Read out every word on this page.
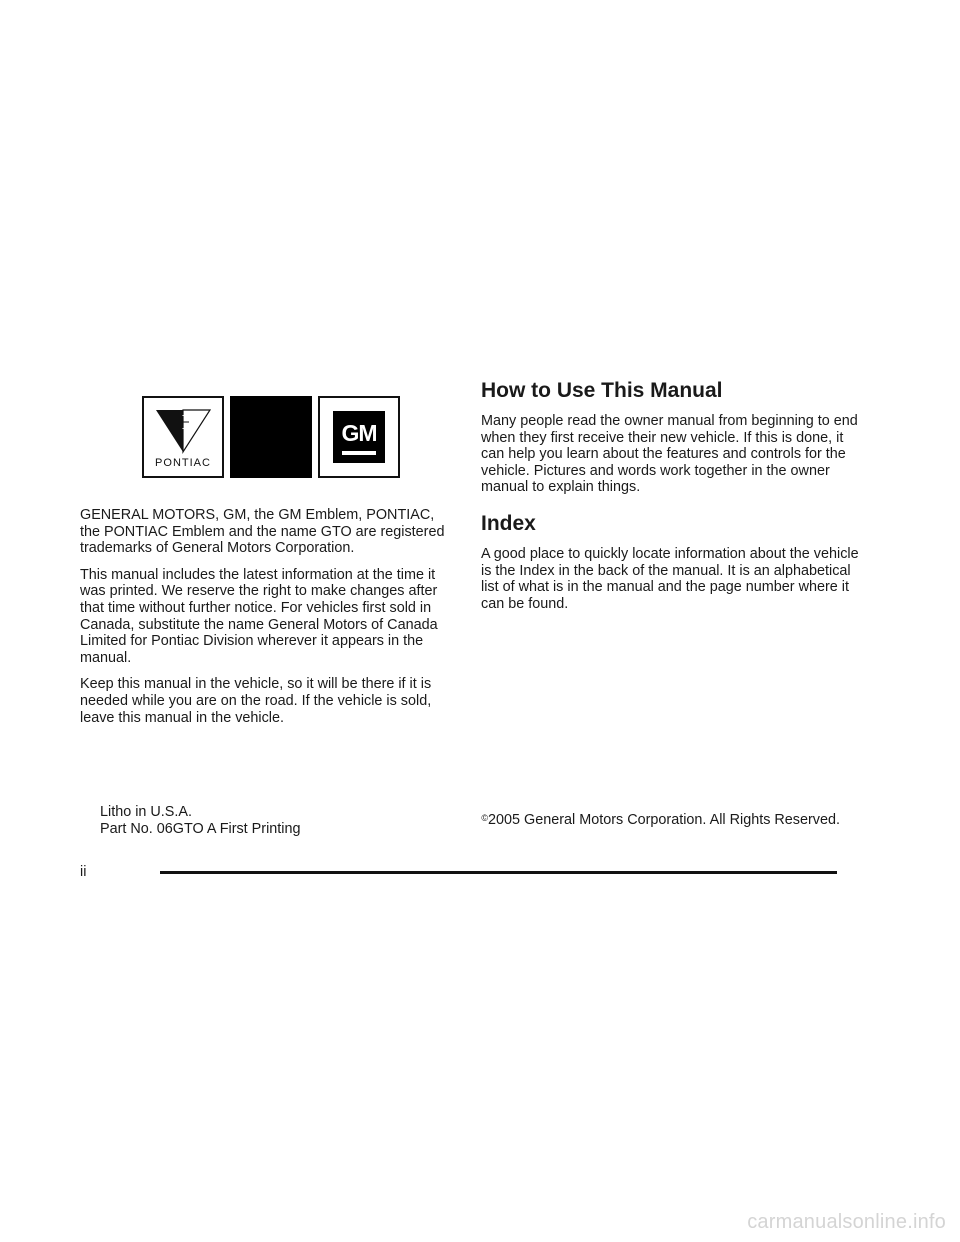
PONTIAC
GM

GENERAL MOTORS, GM, the GM Emblem, PONTIAC, the PONTIAC Emblem and the name GTO are registered trademarks of General Motors Corporation.

This manual includes the latest information at the time it was printed. We reserve the right to make changes after that time without further notice. For vehicles first sold in Canada, substitute the name General Motors of Canada Limited for Pontiac Division wherever it appears in the manual.

Keep this manual in the vehicle, so it will be there if it is needed while you are on the road. If the vehicle is sold, leave this manual in the vehicle.

How to Use This Manual

Many people read the owner manual from beginning to end when they first receive their new vehicle. If this is done, it can help you learn about the features and controls for the vehicle. Pictures and words work together in the owner manual to explain things.

Index

A good place to quickly locate information about the vehicle is the Index in the back of the manual. It is an alphabetical list of what is in the manual and the page number where it can be found.

Litho in U.S.A.
Part No. 06GTO A First Printing
©2005 General Motors Corporation. All Rights Reserved.
ii
carmanualsonline.info
